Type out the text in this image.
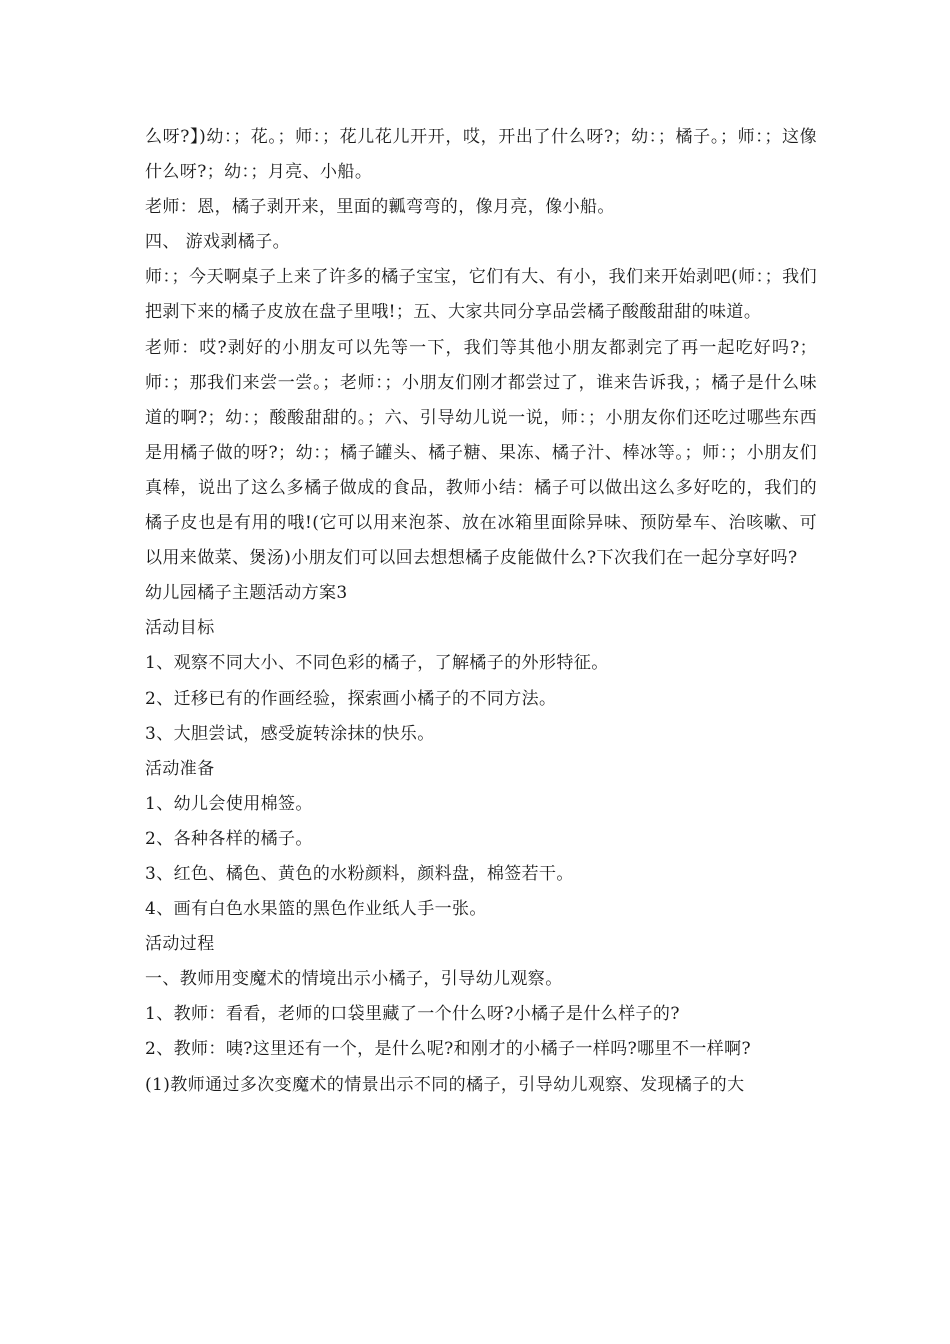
么呀?】)幼：；花。；师：；花儿花儿开开，哎，开出了什么呀?；幼：；橘子。；师：；这像什么呀?；幼：；月亮、小船。

老师：恩，橘子剥开来，里面的瓤弯弯的，像月亮，像小船。

四、 游戏剥橘子。

师：；今天啊桌子上来了许多的橘子宝宝，它们有大、有小，我们来开始剥吧(师：；我们把剥下来的橘子皮放在盘子里哦!；五、大家共同分享品尝橘子酸酸甜甜的味道。

老师：哎?剥好的小朋友可以先等一下，我们等其他小朋友都剥完了再一起吃好吗?；师：；那我们来尝一尝。；老师：；小朋友们刚才都尝过了，谁来告诉我，；橘子是什么味道的啊?；幼：；酸酸甜甜的。；六、引导幼儿说一说，师：；小朋友你们还吃过哪些东西是用橘子做的呀?；幼：；橘子罐头、橘子糖、果冻、橘子汁、棒冰等。；师：；小朋友们真棒，说出了这么多橘子做成的食品，教师小结：橘子可以做出这么多好吃的，我们的橘子皮也是有用的哦!(它可以用来泡茶、放在冰箱里面除异味、预防晕车、治咳嗽、可以用来做菜、煲汤)小朋友们可以回去想想橘子皮能做什么?下次我们在一起分享好吗?

幼儿园橘子主题活动方案3

活动目标

1、观察不同大小、不同色彩的橘子，了解橘子的外形特征。

2、迁移已有的作画经验，探索画小橘子的不同方法。

3、大胆尝试，感受旋转涂抹的快乐。

活动准备

1、幼儿会使用棉签。

2、各种各样的橘子。

3、红色、橘色、黄色的水粉颜料，颜料盘，棉签若干。

4、画有白色水果篮的黑色作业纸人手一张。

活动过程

一、教师用变魔术的情境出示小橘子，引导幼儿观察。

1、教师：看看，老师的口袋里藏了一个什么呀?小橘子是什么样子的?

2、教师：咦?这里还有一个，是什么呢?和刚才的小橘子一样吗?哪里不一样啊?

(1)教师通过多次变魔术的情景出示不同的橘子，引导幼儿观察、发现橘子的大
